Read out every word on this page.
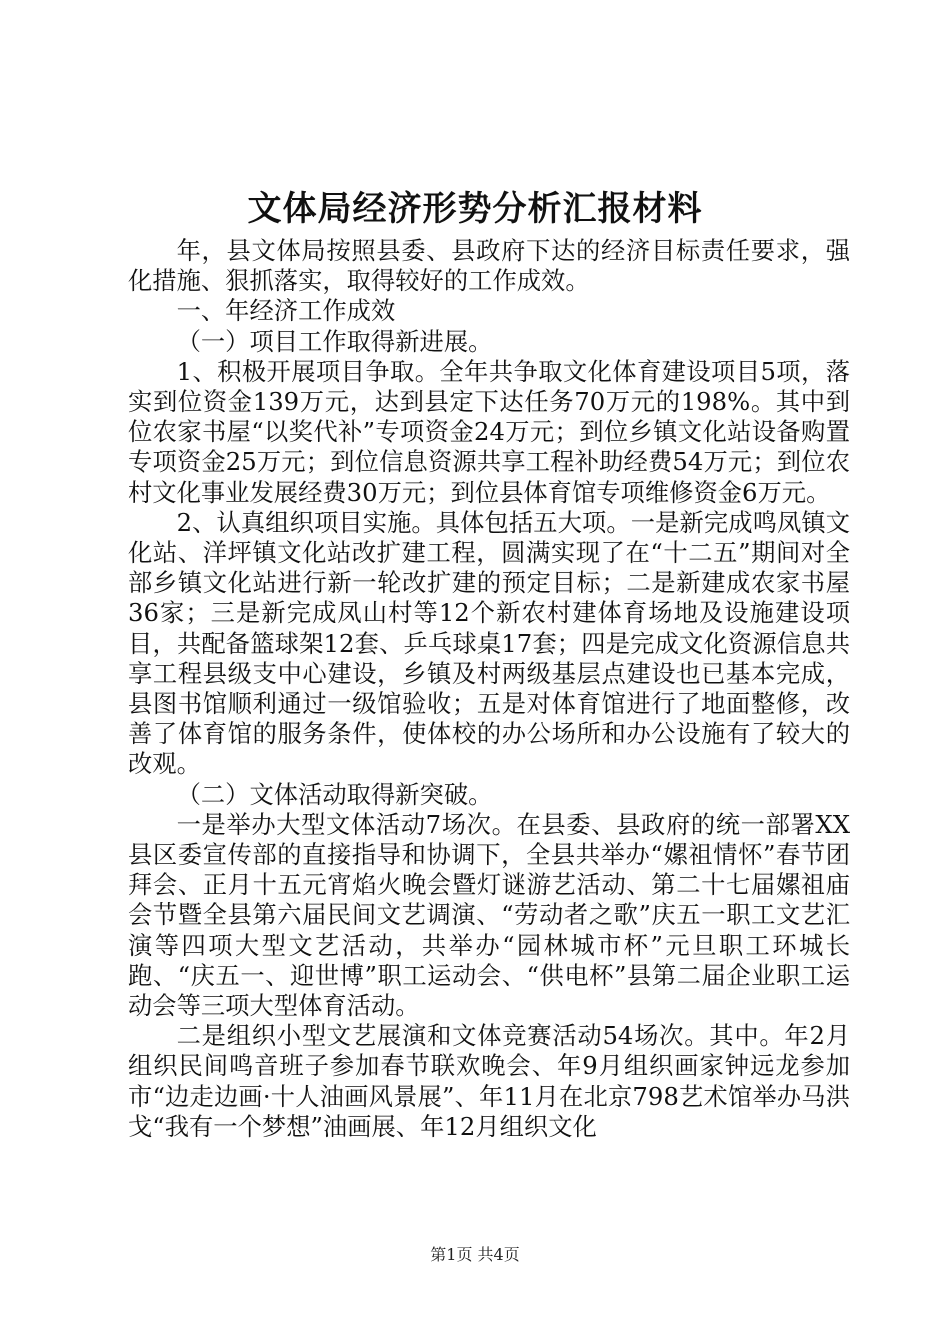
文体局经济形势分析汇报材料

年，县文体局按照县委、县政府下达的经济目标责任要求，强化措施、狠抓落实，取得较好的工作成效。

一、年经济工作成效

（一）项目工作取得新进展。

1、积极开展项目争取。全年共争取文化体育建设项目5项，落实到位资金139万元，达到县定下达任务70万元的198%。其中到位农家书屋“以奖代补”专项资金24万元；到位乡镇文化站设备购置专项资金25万元；到位信息资源共享工程补助经费54万元；到位农村文化事业发展经费30万元；到位县体育馆专项维修资金6万元。

2、认真组织项目实施。具体包括五大项。一是新完成鸣凤镇文化站、洋坪镇文化站改扩建工程，圆满实现了在“十二五”期间对全部乡镇文化站进行新一轮改扩建的预定目标；二是新建成农家书屋36家；三是新完成凤山村等12个新农村建体育场地及设施建设项目，共配备篮球架12套、乒乓球桌17套；四是完成文化资源信息共享工程县级支中心建设，乡镇及村两级基层点建设也已基本完成，县图书馆顺利通过一级馆验收；五是对体育馆进行了地面整修，改善了体育馆的服务条件，使体校的办公场所和办公设施有了较大的改观。

（二）文体活动取得新突破。

一是举办大型文体活动7场次。在县委、县政府的统一部署XX县区委宣传部的直接指导和协调下，全县共举办“嫘祖情怀”春节团拜会、正月十五元宵焰火晚会暨灯谜游艺活动、第二十七届嫘祖庙会节暨全县第六届民间文艺调演、“劳动者之歌”庆五一职工文艺汇演等四项大型文艺活动，共举办“园林城市杯”元旦职工环城长跑、“庆五一、迎世博”职工运动会、“供电杯”县第二届企业职工运动会等三项大型体育活动。

二是组织小型文艺展演和文体竞赛活动54场次。其中。年2月组织民间鸣音班子参加春节联欢晚会、年9月组织画家钟远龙参加市“边走边画·十人油画风景展”、年11月在北京798艺术馆举办马洪戈“我有一个梦想”油画展、年12月组织文化

第1页 共4页
